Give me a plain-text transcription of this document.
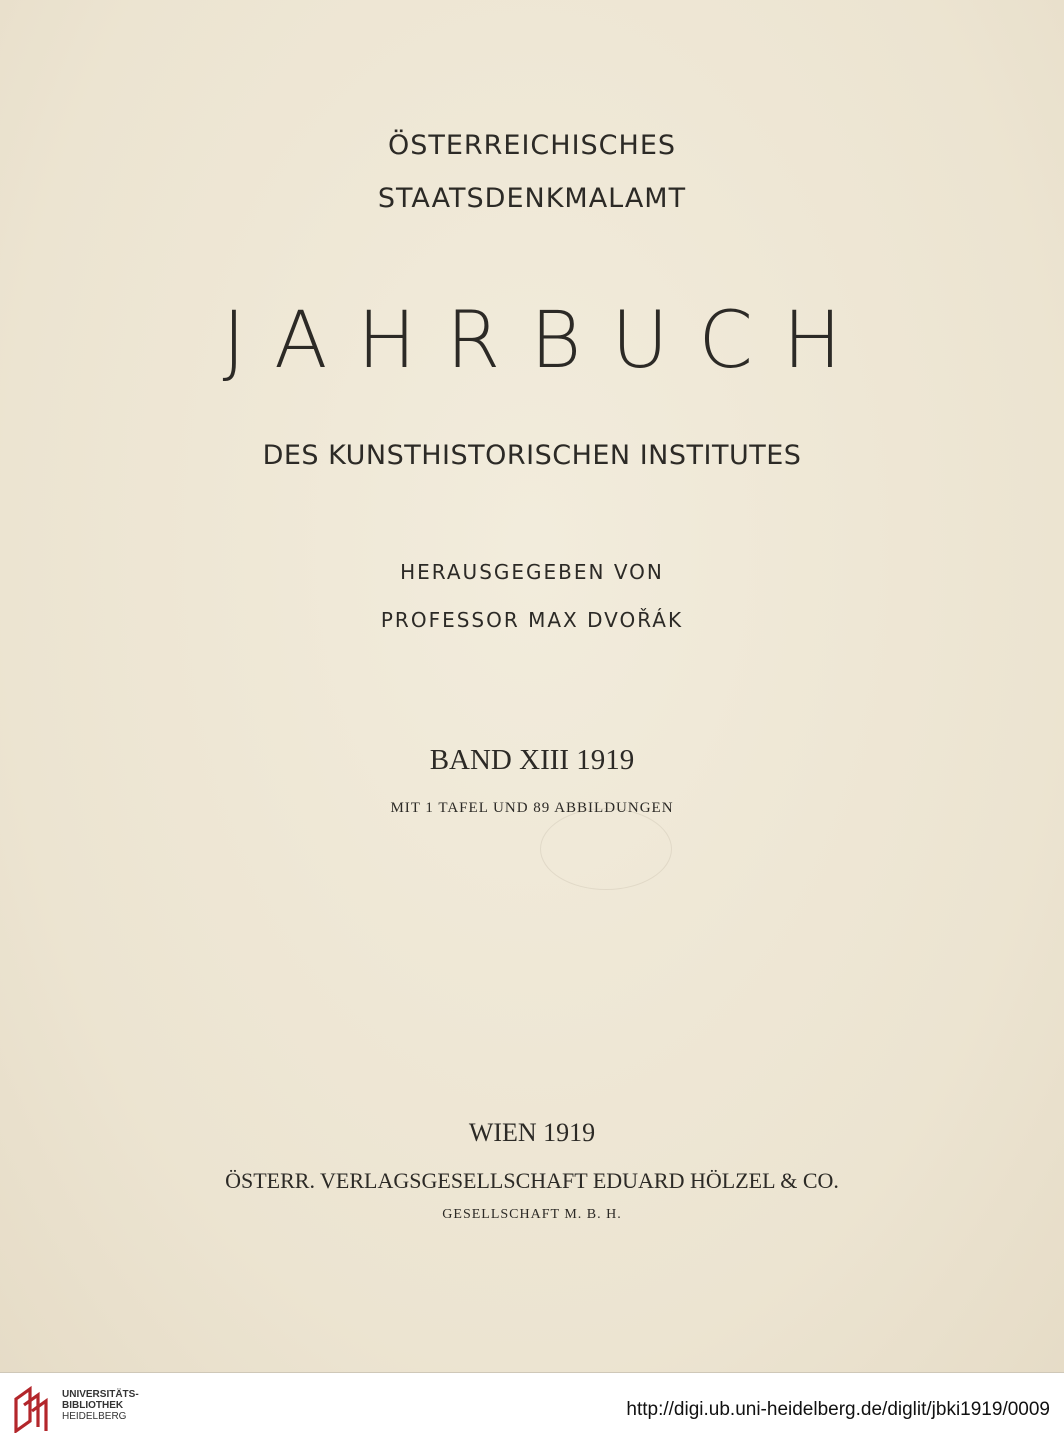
ÖSTERREICHISCHES
STAATSDENKMALAMT
JAHRBUCH
DES KUNSTHISTORISCHEN INSTITUTES
HERAUSGEGEBEN VON
PROFESSOR MAX DVOŘÁK
BAND XIII 1919
MIT 1 TAFEL UND 89 ABBILDUNGEN
WIEN 1919
ÖSTERR. VERLAGSGESELLSCHAFT EDUARD HÖLZEL & CO.
GESELLSCHAFT M. B. H.
UNIVERSITÄTS-
BIBLIOTHEK
HEIDELBERG	http://digi.ub.uni-heidelberg.de/diglit/jbki1919/0009
